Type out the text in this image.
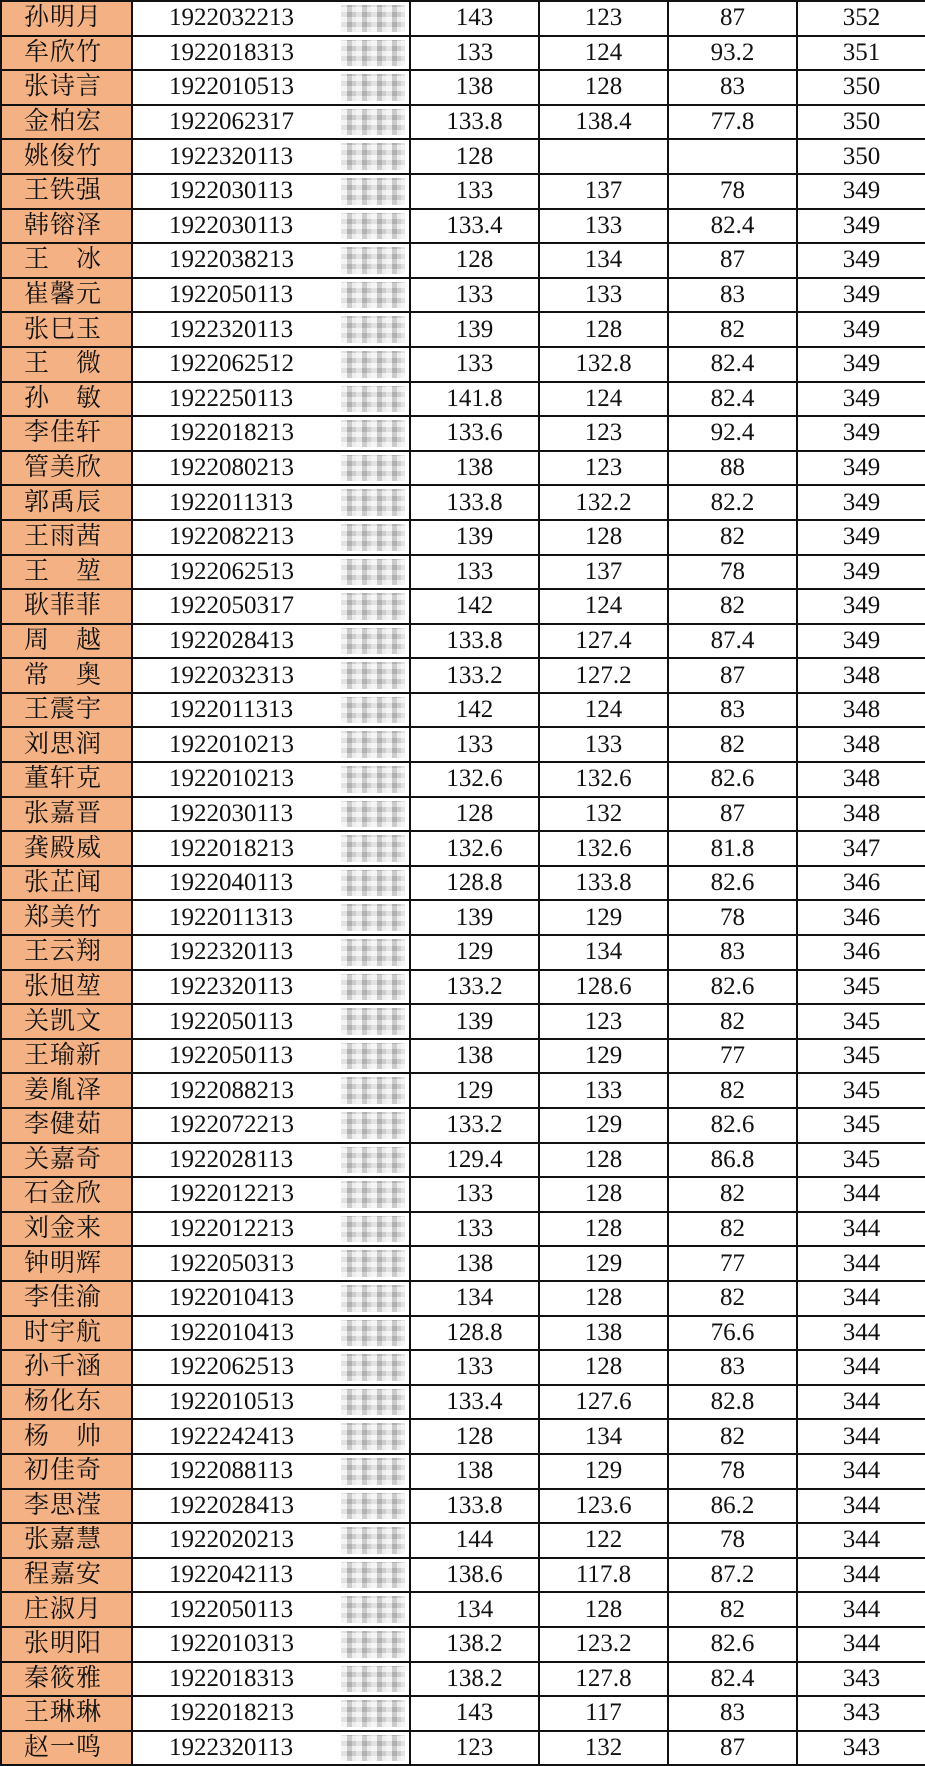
孙明月	1922032213	143	123	87	352
牟欣竹	1922018313	133	124	93.2	351
张诗言	1922010513	138	128	83	350
金柏宏	1922062317	133.8	138.4	77.8	350
姚俊竹	1922320113	128			350
王铁强	1922030113	133	137	78	349
韩镕泽	1922030113	133.4	133	82.4	349
王　冰	1922038213	128	134	87	349
崔馨元	1922050113	133	133	83	349
张巳玉	1922320113	139	128	82	349
王　微	1922062512	133	132.8	82.4	349
孙　敏	1922250113	141.8	124	82.4	349
李佳轩	1922018213	133.6	123	92.4	349
管美欣	1922080213	138	123	88	349
郭禹辰	1922011313	133.8	132.2	82.2	349
王雨茜	1922082213	139	128	82	349
王　堃	1922062513	133	137	78	349
耿菲菲	1922050317	142	124	82	349
周　越	1922028413	133.8	127.4	87.4	349
常　奥	1922032313	133.2	127.2	87	348
王震宇	1922011313	142	124	83	348
刘思润	1922010213	133	133	82	348
董轩克	1922010213	132.6	132.6	82.6	348
张嘉晋	1922030113	128	132	87	348
龚殿威	1922018213	132.6	132.6	81.8	347
张芷闻	1922040113	128.8	133.8	82.6	346
郑美竹	1922011313	139	129	78	346
王云翔	1922320113	129	134	83	346
张旭堃	1922320113	133.2	128.6	82.6	345
关凯文	1922050113	139	123	82	345
王瑜新	1922050113	138	129	77	345
姜胤泽	1922088213	129	133	82	345
李健茹	1922072213	133.2	129	82.6	345
关嘉奇	1922028113	129.4	128	86.8	345
石金欣	1922012213	133	128	82	344
刘金来	1922012213	133	128	82	344
钟明辉	1922050313	138	129	77	344
李佳渝	1922010413	134	128	82	344
时宇航	1922010413	128.8	138	76.6	344
孙千涵	1922062513	133	128	83	344
杨化东	1922010513	133.4	127.6	82.8	344
杨　帅	1922242413	128	134	82	344
初佳奇	1922088113	138	129	78	344
李思滢	1922028413	133.8	123.6	86.2	344
张嘉慧	1922020213	144	122	78	344
程嘉安	1922042113	138.6	117.8	87.2	344
庄淑月	1922050113	134	128	82	344
张明阳	1922010313	138.2	123.2	82.6	344
秦筱雅	1922018313	138.2	127.8	82.4	343
王琳琳	1922018213	143	117	83	343
赵一鸣	1922320113	123	132	87	343
